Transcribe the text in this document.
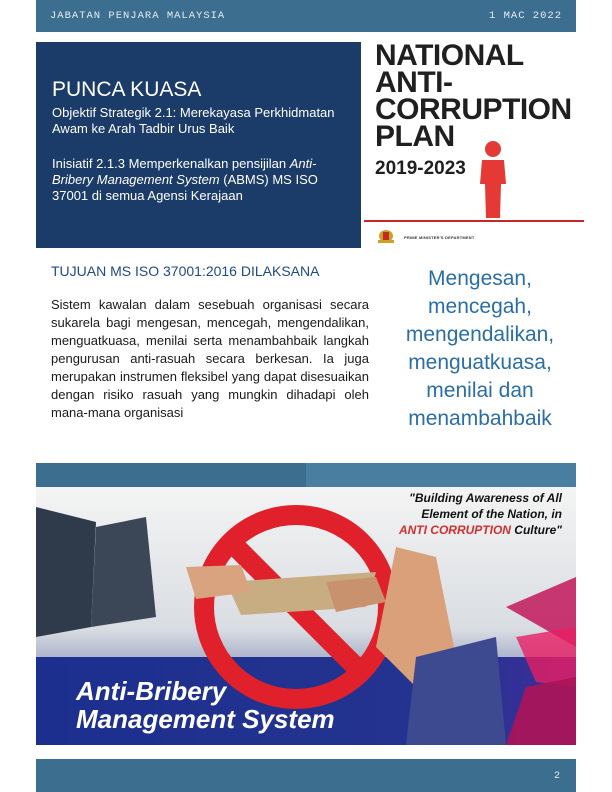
JABATAN PENJARA MALAYSIA	1 MAC 2022
PUNCA KUASA
Objektif Strategik 2.1: Merekayasa Perkhidmatan Awam ke Arah Tadbir Urus Baik
Inisiatif 2.1.3 Memperkenalkan pensijilan Anti-Bribery Management System (ABMS) MS ISO 37001 di semua Agensi Kerajaan
NATIONAL
ANTI-
CORRUPTION
PLAN
2019-2023
PRIME MINISTER'S DEPARTMENT
TUJUAN MS ISO 37001:2016 DILAKSANA
Sistem kawalan dalam sesebuah organisasi secara sukarela bagi mengesan, mencegah, mengendalikan, menguatkuasa, menilai serta menambahbaik langkah pengurusan anti-rasuah secara berkesan. Ia juga merupakan instrumen fleksibel yang dapat disesuaikan dengan risiko rasuah yang mungkin dihadapi oleh mana-mana organisasi
Mengesan,
mencegah,
mengendalikan,
menguatkuasa,
menilai dan
menambahbaik
"Building Awareness of All
Element of the Nation, in
ANTI CORRUPTION Culture"
Anti-Bribery
Management System
2
